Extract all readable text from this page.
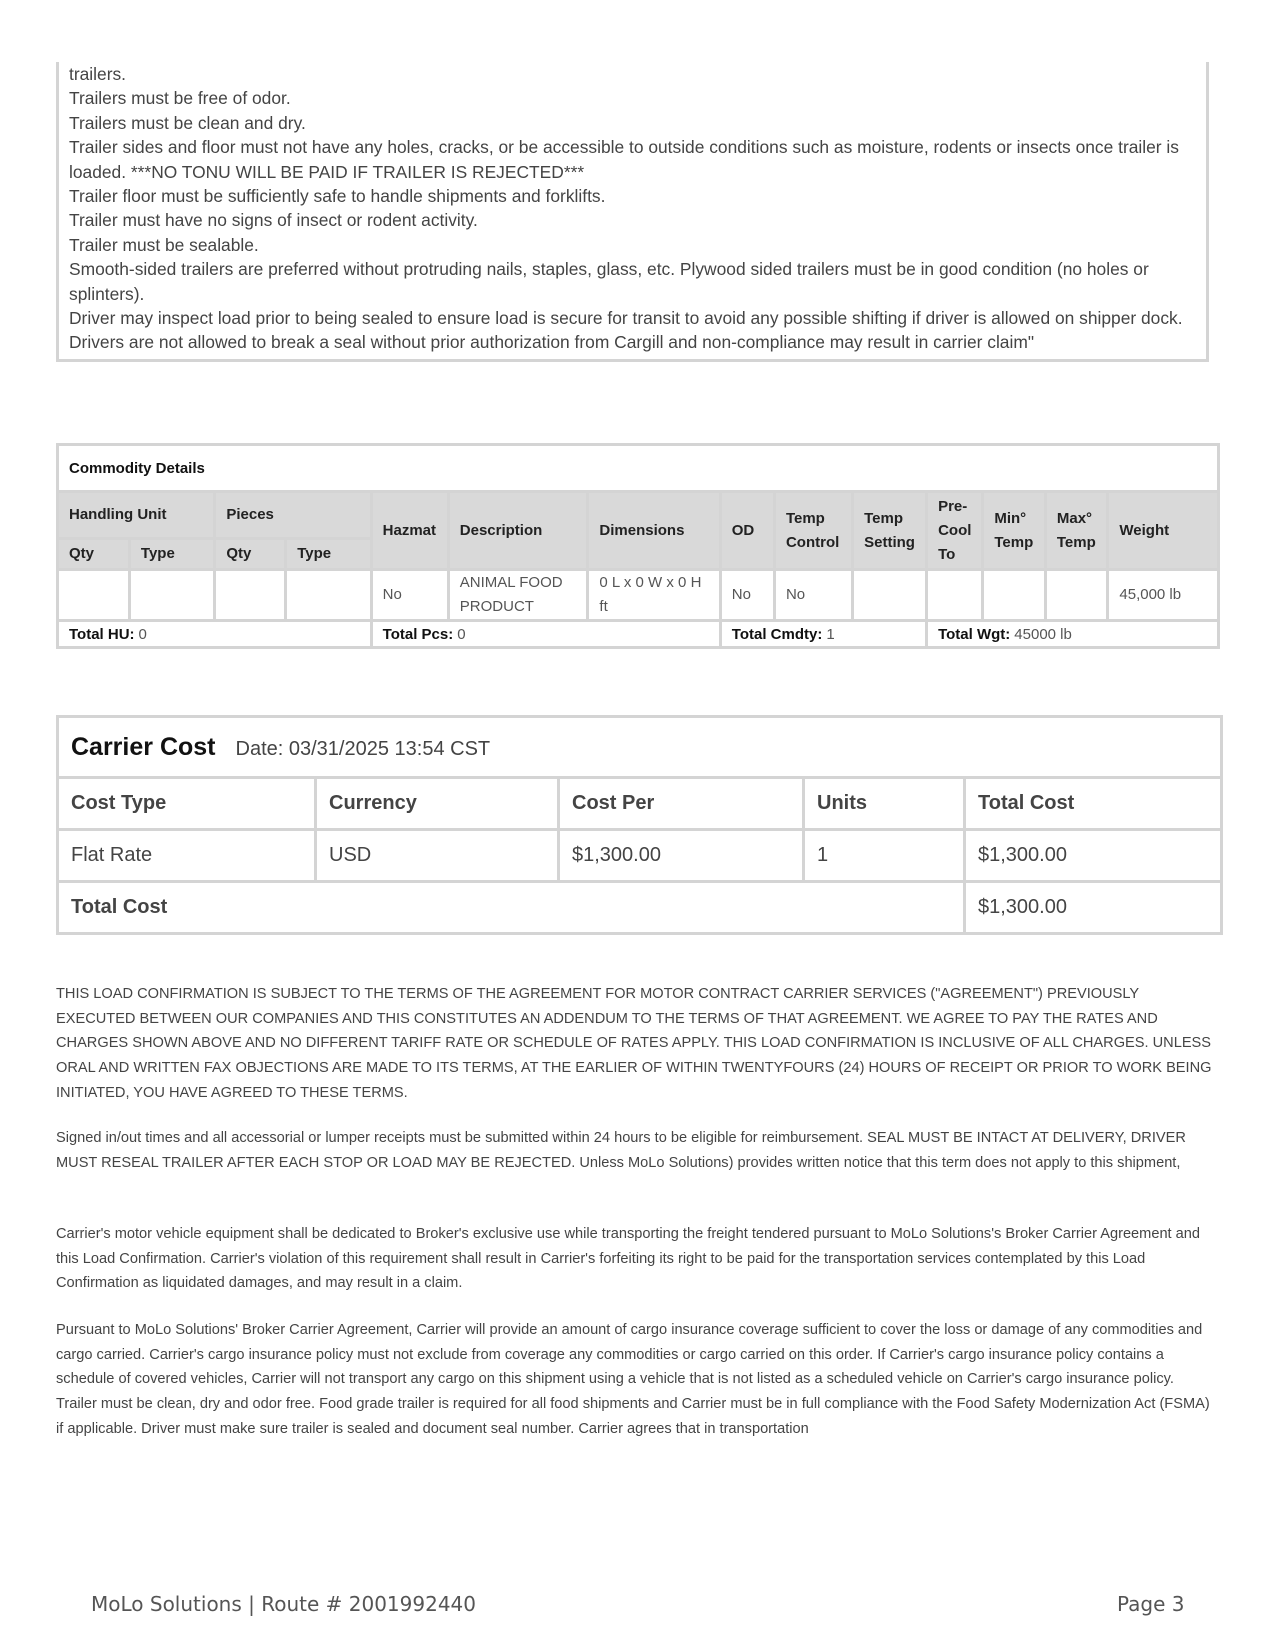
trailers.
Trailers must be free of odor.
Trailers must be clean and dry.
Trailer sides and floor must not have any holes, cracks, or be accessible to outside conditions such as moisture, rodents or insects once trailer is loaded. ***NO TONU WILL BE PAID IF TRAILER IS REJECTED***
Trailer floor must be sufficiently safe to handle shipments and forklifts.
Trailer must have no signs of insect or rodent activity.
Trailer must be sealable.
Smooth-sided trailers are preferred without protruding nails, staples, glass, etc. Plywood sided trailers must be in good condition (no holes or splinters).
Driver may inspect load prior to being sealed to ensure load is secure for transit to avoid any possible shifting if driver is allowed on shipper dock.
Drivers are not allowed to break a seal without prior authorization from Cargill and non-compliance may result in carrier claim"
Commodity Details													
Handling Unit		Pieces		Hazmat	Description	Dimensions	OD	Temp Control	Temp Setting	Pre-Cool To	Min° Temp	Max° Temp	Weight
Qty	Type	Qty	Type										
				No	ANIMAL FOOD PRODUCT	0 L x 0 W x 0 H ft	No	No					45,000 lb
Total HU: 0				Total Pcs: 0			Total Cmdty: 1			Total Wgt: 45000 lb			
Carrier Cost Date: 03/31/2025 13:54 CST				
Cost Type	Currency	Cost Per	Units	Total Cost
Flat Rate	USD	$1,300.00	1	$1,300.00
Total Cost				$1,300.00
THIS LOAD CONFIRMATION IS SUBJECT TO THE TERMS OF THE AGREEMENT FOR MOTOR CONTRACT CARRIER SERVICES ("AGREEMENT") PREVIOUSLY EXECUTED BETWEEN OUR COMPANIES AND THIS CONSTITUTES AN ADDENDUM TO THE TERMS OF THAT AGREEMENT. WE AGREE TO PAY THE RATES AND CHARGES SHOWN ABOVE AND NO DIFFERENT TARIFF RATE OR SCHEDULE OF RATES APPLY. THIS LOAD CONFIRMATION IS INCLUSIVE OF ALL CHARGES. UNLESS ORAL AND WRITTEN FAX OBJECTIONS ARE MADE TO ITS TERMS, AT THE EARLIER OF WITHIN TWENTYFOURS (24) HOURS OF RECEIPT OR PRIOR TO WORK BEING INITIATED, YOU HAVE AGREED TO THESE TERMS.
Signed in/out times and all accessorial or lumper receipts must be submitted within 24 hours to be eligible for reimbursement. SEAL MUST BE INTACT AT DELIVERY, DRIVER MUST RESEAL TRAILER AFTER EACH STOP OR LOAD MAY BE REJECTED. Unless MoLo Solutions) provides written notice that this term does not apply to this shipment,
Carrier's motor vehicle equipment shall be dedicated to Broker's exclusive use while transporting the freight tendered pursuant to MoLo Solutions's Broker Carrier Agreement and this Load Confirmation. Carrier's violation of this requirement shall result in Carrier's forfeiting its right to be paid for the transportation services contemplated by this Load Confirmation as liquidated damages, and may result in a claim.
Pursuant to MoLo Solutions' Broker Carrier Agreement, Carrier will provide an amount of cargo insurance coverage sufficient to cover the loss or damage of any commodities and cargo carried. Carrier's cargo insurance policy must not exclude from coverage any commodities or cargo carried on this order. If Carrier's cargo insurance policy contains a schedule of covered vehicles, Carrier will not transport any cargo on this shipment using a vehicle that is not listed as a scheduled vehicle on Carrier's cargo insurance policy. Trailer must be clean, dry and odor free. Food grade trailer is required for all food shipments and Carrier must be in full compliance with the Food Safety Modernization Act (FSMA) if applicable. Driver must make sure trailer is sealed and document seal number. Carrier agrees that in transportation
MoLo Solutions | Route # 2001992440	Page 3
